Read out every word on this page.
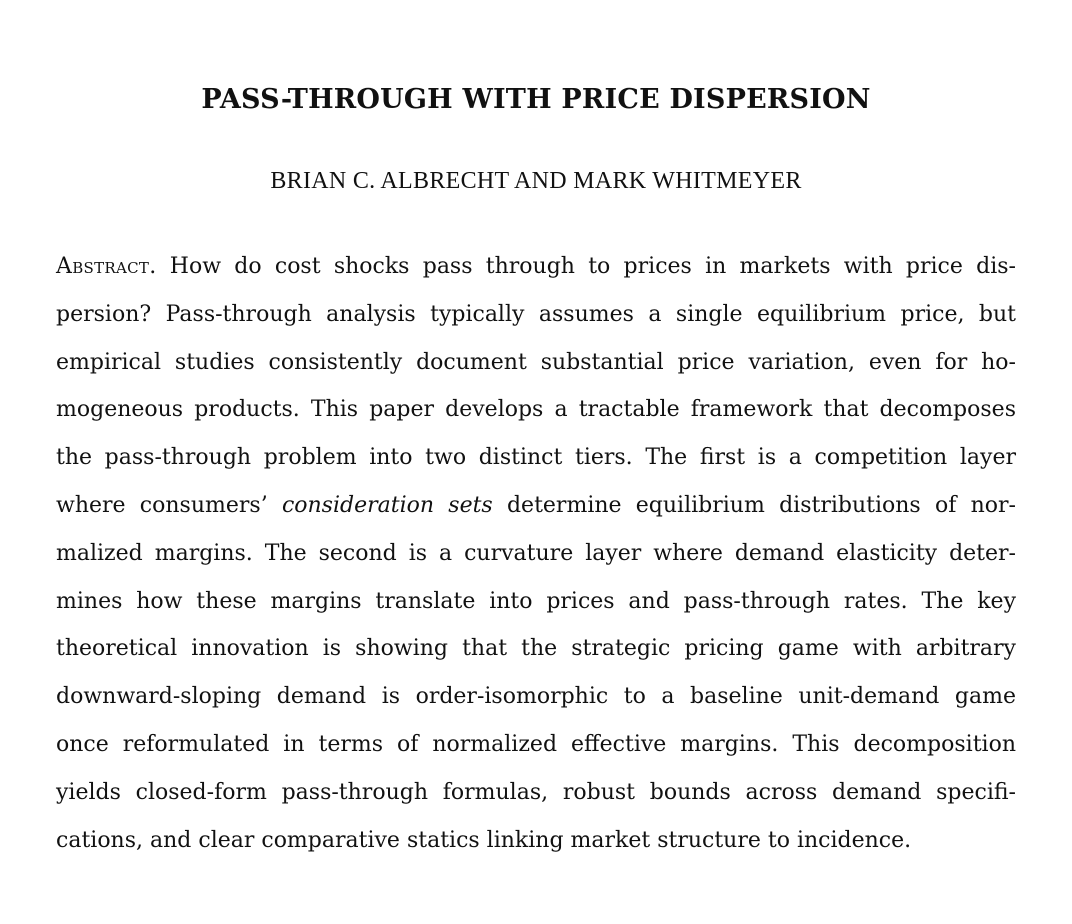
PASS-THROUGH WITH PRICE DISPERSION

BRIAN C. ALBRECHT AND MARK WHITMEYER

Abstract. How do cost shocks pass through to prices in markets with price dis-
persion? Pass-through analysis typically assumes a single equilibrium price, but
empirical studies consistently document substantial price variation, even for ho-
mogeneous products. This paper develops a tractable framework that decomposes
the pass-through problem into two distinct tiers. The first is a competition layer
where consumers’ consideration sets determine equilibrium distributions of nor-
malized margins. The second is a curvature layer where demand elasticity deter-
mines how these margins translate into prices and pass-through rates. The key
theoretical innovation is showing that the strategic pricing game with arbitrary
downward-sloping demand is order-isomorphic to a baseline unit-demand game
once reformulated in terms of normalized effective margins. This decomposition
yields closed-form pass-through formulas, robust bounds across demand specifi-
cations, and clear comparative statics linking market structure to incidence.
